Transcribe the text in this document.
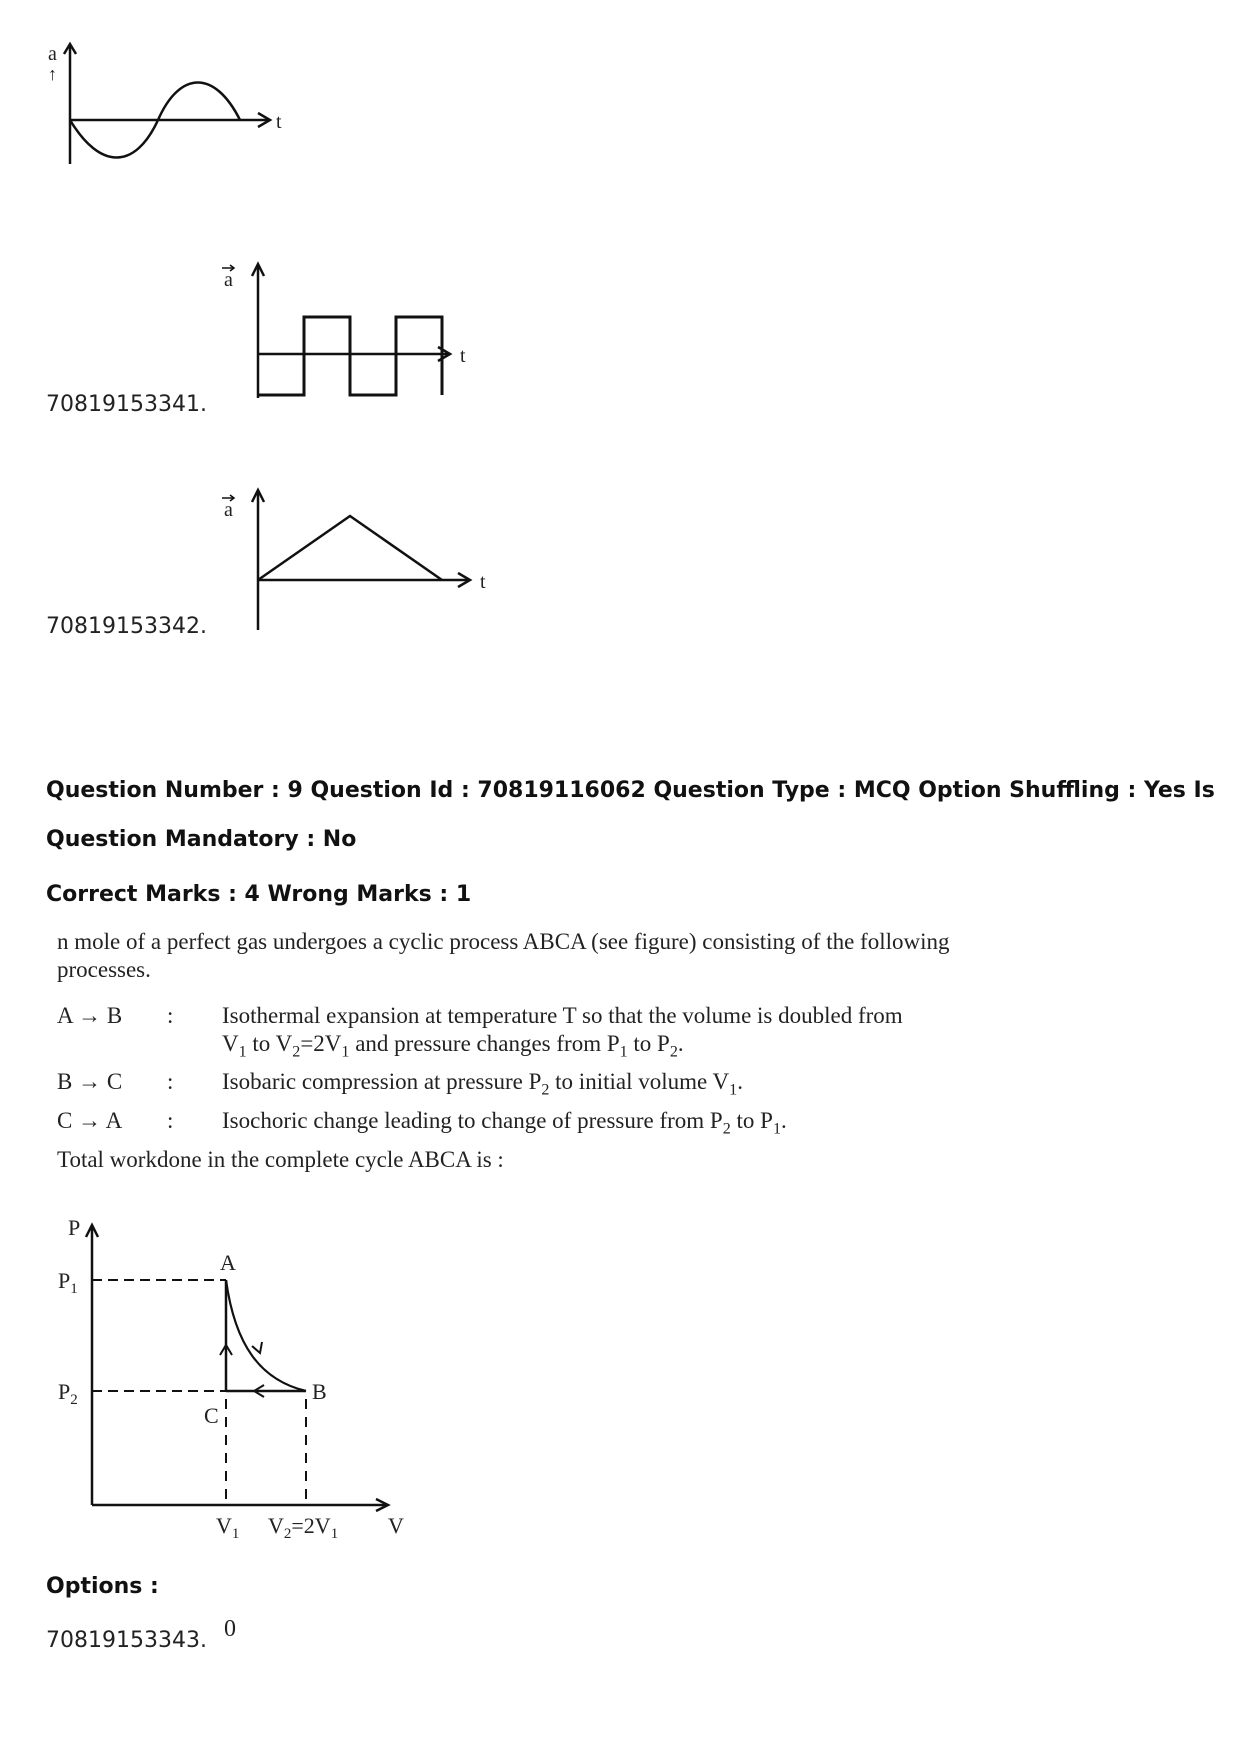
a
↑
t
70819153341.
a
t
70819153342.
a
t
Question Number : 9 Question Id : 70819116062 Question Type : MCQ Option Shuffling : Yes Is
Question Mandatory : No
Correct Marks : 4 Wrong Marks : 1
n mole of a perfect gas undergoes a cyclic process ABCA (see figure) consisting of the following
processes.
A → B : Isothermal expansion at temperature T so that the volume is doubled from
$V_1$ to $V_2=2V_1$ and pressure changes from $P_1$ to $P_2$.
B → C : Isobaric compression at pressure $P_2$ to initial volume $V_1$.
C → A : Isochoric change leading to change of pressure from $P_2$ to $P_1$.
Total workdone in the complete cycle ABCA is :
P
V
$P_1$
$P_2$
A
B
C
$V_1$ $V_2=2V_1$
Options :
70819153343. 0
